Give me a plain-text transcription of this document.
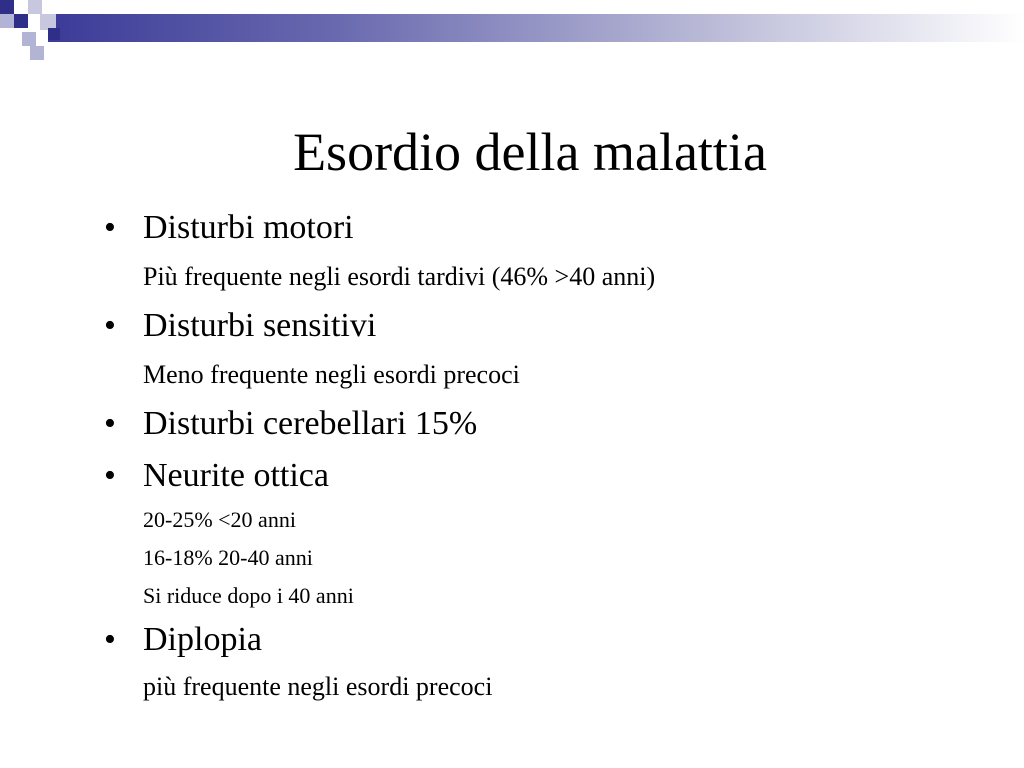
Esordio della malattia
• Disturbi motori
Più frequente negli esordi tardivi (46% >40 anni)
• Disturbi sensitivi
Meno frequente negli esordi precoci
• Disturbi cerebellari 15%
• Neurite ottica
20-25% <20 anni
16-18% 20-40 anni
Si riduce dopo i 40 anni
• Diplopia
più frequente negli esordi precoci
